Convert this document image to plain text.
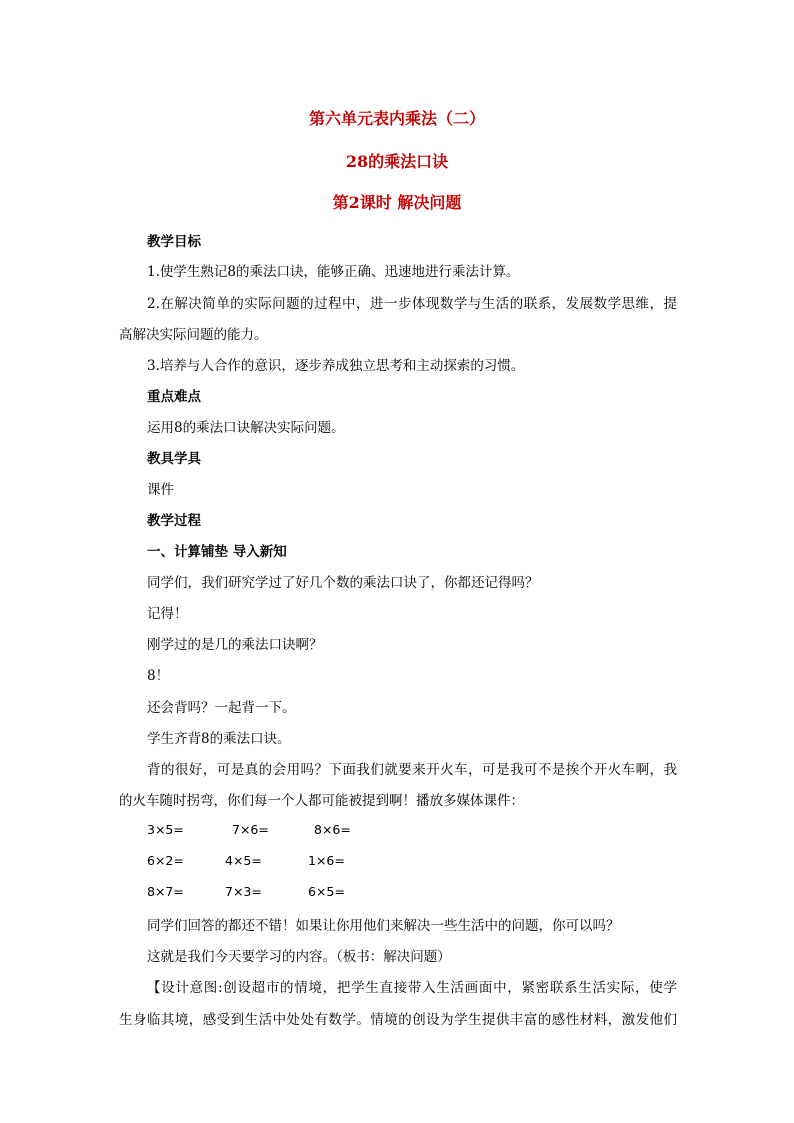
第六单元表内乘法（二）
28的乘法口诀
第2课时 解决问题
教学目标
1.使学生熟记8的乘法口诀，能够正确、迅速地进行乘法计算。
2.在解决简单的实际问题的过程中，进一步体现数学与生活的联系，发展数学思维，提
高解决实际问题的能力。
3.培养与人合作的意识，逐步养成独立思考和主动探索的习惯。
重点难点
运用8的乘法口诀解决实际问题。
教具学具
课件
教学过程
一、计算铺垫 导入新知
同学们，我们研究学过了好几个数的乘法口诀了，你都还记得吗？
记得！
刚学过的是几的乘法口诀啊？
8！
还会背吗？一起背一下。
学生齐背8的乘法口诀。
背的很好，可是真的会用吗？下面我们就要来开火车，可是我可不是挨个开火车啊，我
的火车随时拐弯，你们每一个人都可能被提到啊！播放多媒体课件：
3×5=	7×6=	8×6=
6×2=	4×5=	1×6=
8×7=	7×3=	6×5=
同学们回答的都还不错！如果让你用他们来解决一些生活中的问题，你可以吗？
这就是我们今天要学习的内容。（板书：解决问题）
【设计意图:创设超市的情境，把学生直接带入生活画面中，紧密联系生活实际，使学
生身临其境，感受到生活中处处有数学。情境的创设为学生提供丰富的感性材料，激发他们
